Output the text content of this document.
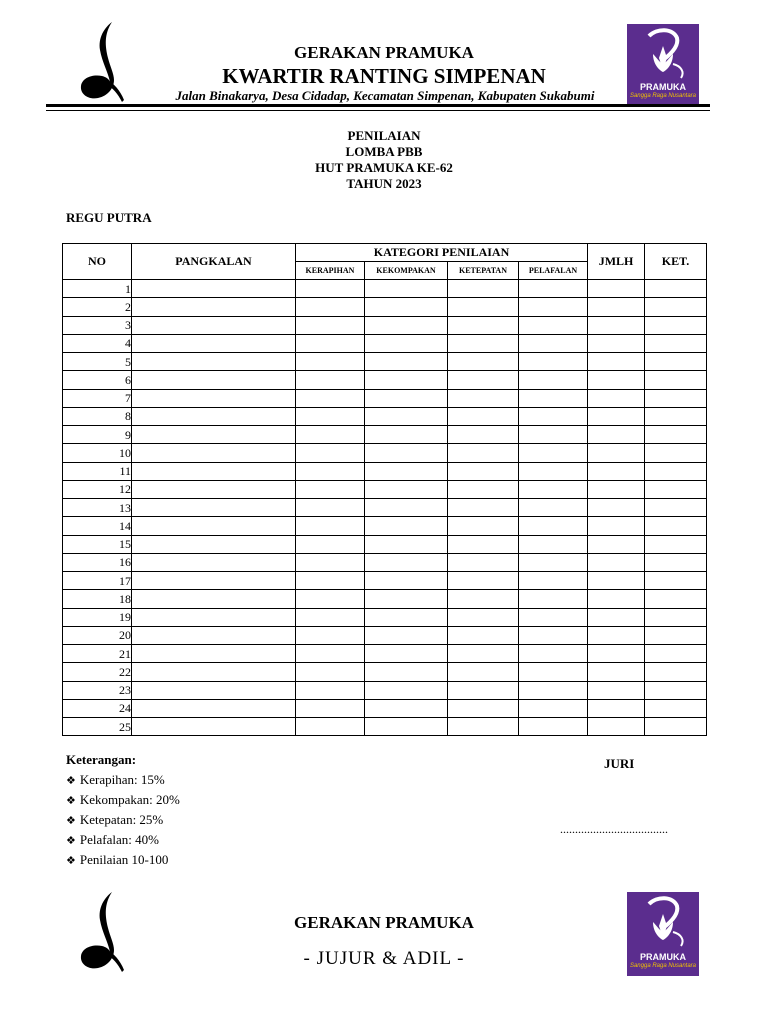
PRAMUKA
Sangga Raga Nusantara
GERAKAN PRAMUKA
KWARTIR RANTING SIMPENAN
Jalan Binakarya, Desa Cidadap, Kecamatan Simpenan, Kabupaten Sukabumi
PENILAIAN
LOMBA PBB
HUT PRAMUKA KE-62
TAHUN 2023
REGU PUTRA
NO	PANGKALAN	KATEGORI PENILAIAN				JMLH	KET.
		KERAPIHAN	KEKOMPAKAN	KETEPATAN	PELAFALAN		
1							
2							
3							
4							
5							
6							
7							
8							
9							
10							
11							
12							
13							
14							
15							
16							
17							
18							
19							
20							
21							
22							
23							
24							
25							
Keterangan:
❖ Kerapihan: 15%
❖ Kekompakan: 20%
❖ Ketepatan: 25%
❖ Pelafalan: 40%
❖ Penilaian 10-100
JURI
....................................
PRAMUKA
Sangga Raga Nusantara
GERAKAN PRAMUKA
- JUJUR & ADIL -
